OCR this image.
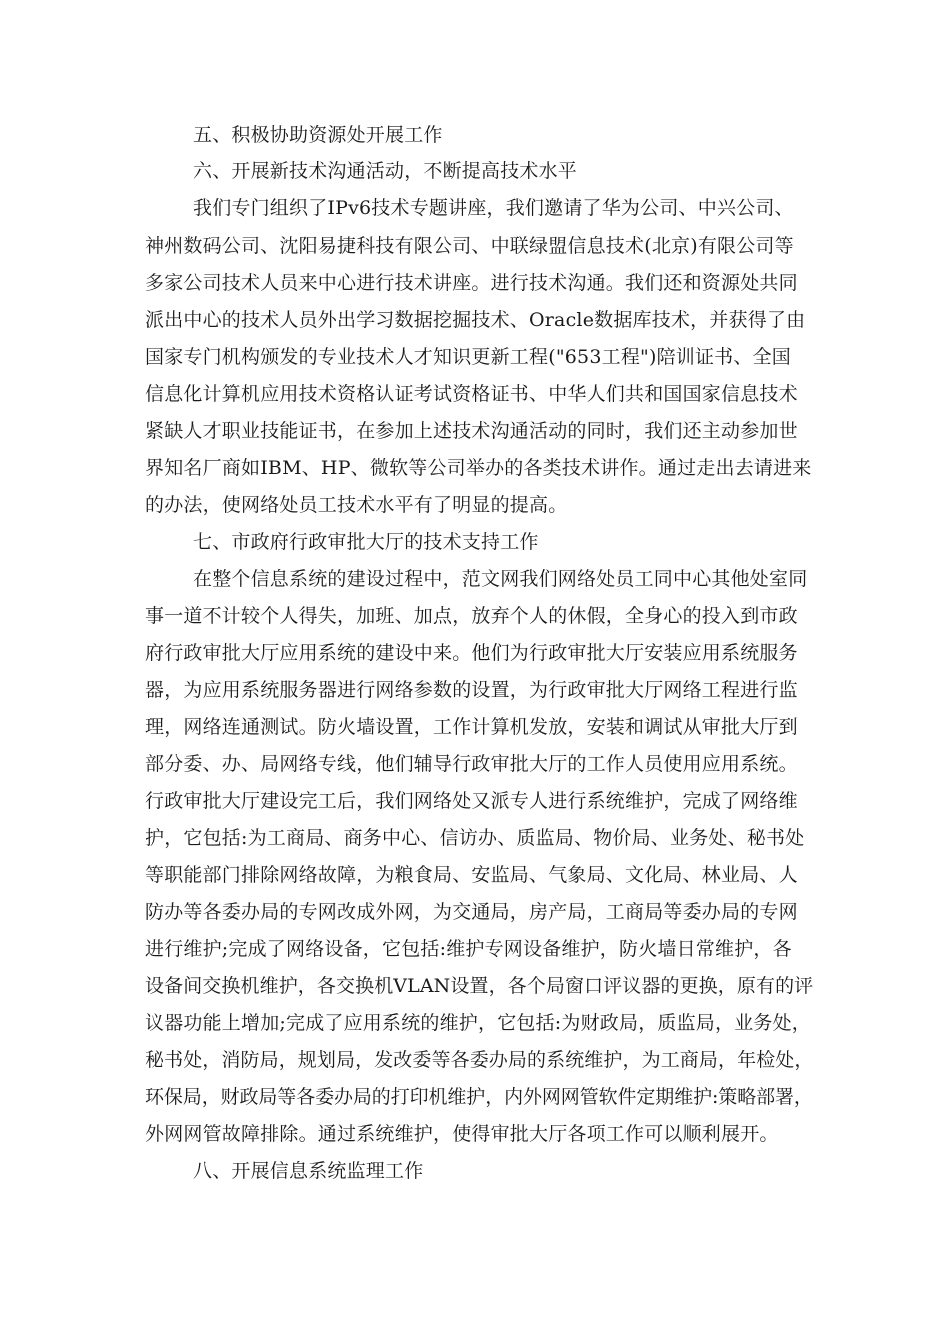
五、积极协助资源处开展工作
六、开展新技术沟通活动，不断提高技术水平
我们专门组织了IPv6技术专题讲座，我们邀请了华为公司、中兴公司、
神州数码公司、沈阳易捷科技有限公司、中联绿盟信息技术(北京)有限公司等
多家公司技术人员来中心进行技术讲座。进行技术沟通。我们还和资源处共同
派出中心的技术人员外出学习数据挖掘技术、Oracle数据库技术，并获得了由
国家专门机构颁发的专业技术人才知识更新工程("653工程")陪训证书、全国
信息化计算机应用技术资格认证考试资格证书、中华人们共和国国家信息技术
紧缺人才职业技能证书，在参加上述技术沟通活动的同时，我们还主动参加世
界知名厂商如IBM、HP、微软等公司举办的各类技术讲作。通过走出去请进来
的办法，使网络处员工技术水平有了明显的提高。
七、市政府行政审批大厅的技术支持工作
在整个信息系统的建设过程中，范文网我们网络处员工同中心其他处室同
事一道不计较个人得失，加班、加点，放弃个人的休假，全身心的投入到市政
府行政审批大厅应用系统的建设中来。他们为行政审批大厅安装应用系统服务
器，为应用系统服务器进行网络参数的设置，为行政审批大厅网络工程进行监
理，网络连通测试。防火墙设置，工作计算机发放，安装和调试从审批大厅到
部分委、办、局网络专线，他们辅导行政审批大厅的工作人员使用应用系统。
行政审批大厅建设完工后，我们网络处又派专人进行系统维护，完成了网络维
护，它包括:为工商局、商务中心、信访办、质监局、物价局、业务处、秘书处
等职能部门排除网络故障，为粮食局、安监局、气象局、文化局、林业局、人
防办等各委办局的专网改成外网，为交通局，房产局，工商局等委办局的专网
进行维护;完成了网络设备，它包括:维护专网设备维护，防火墙日常维护，各
设备间交换机维护，各交换机VLAN设置，各个局窗口评议器的更换，原有的评
议器功能上增加;完成了应用系统的维护，它包括:为财政局，质监局，业务处，
秘书处，消防局，规划局，发改委等各委办局的系统维护，为工商局，年检处，
环保局，财政局等各委办局的打印机维护，内外网网管软件定期维护:策略部署，
外网网管故障排除。通过系统维护，使得审批大厅各项工作可以顺利展开。
八、开展信息系统监理工作
